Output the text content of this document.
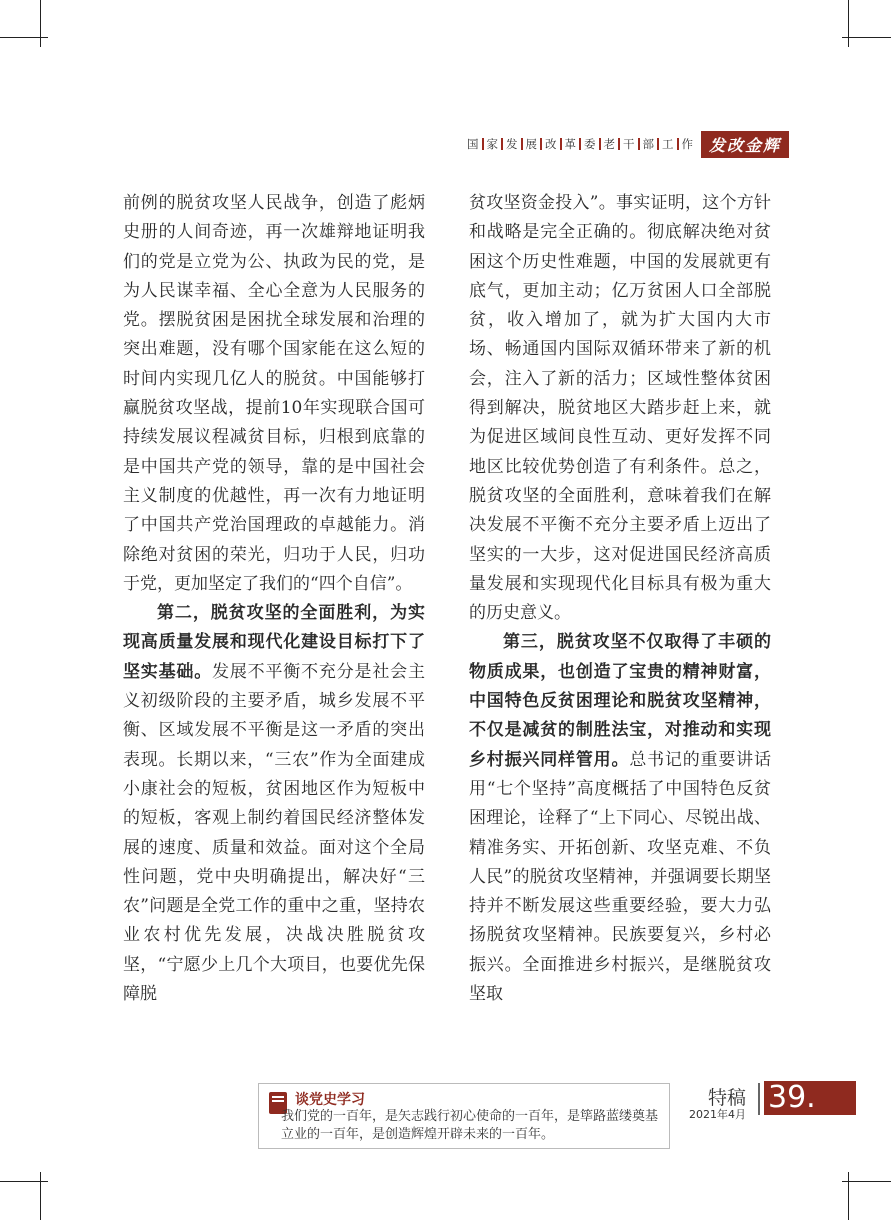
国 家 发 展 改 革 委 老 干 部 工 作	发改金辉

前例的脱贫攻坚人民战争，创造了彪炳史册的人间奇迹，再一次雄辩地证明我们的党是立党为公、执政为民的党，是为人民谋幸福、全心全意为人民服务的党。摆脱贫困是困扰全球发展和治理的突出难题，没有哪个国家能在这么短的时间内实现几亿人的脱贫。中国能够打赢脱贫攻坚战，提前10年实现联合国可持续发展议程减贫目标，归根到底靠的是中国共产党的领导，靠的是中国社会主义制度的优越性，再一次有力地证明了中国共产党治国理政的卓越能力。消除绝对贫困的荣光，归功于人民，归功于党，更加坚定了我们的“四个自信”。

第二，脱贫攻坚的全面胜利，为实现高质量发展和现代化建设目标打下了坚实基础。发展不平衡不充分是社会主义初级阶段的主要矛盾，城乡发展不平衡、区域发展不平衡是这一矛盾的突出表现。长期以来，“三农”作为全面建成小康社会的短板，贫困地区作为短板中的短板，客观上制约着国民经济整体发展的速度、质量和效益。面对这个全局性问题，党中央明确提出，解决好“三农”问题是全党工作的重中之重，坚持农业农村优先发展，决战决胜脱贫攻坚，“宁愿少上几个大项目，也要优先保障脱

贫攻坚资金投入”。事实证明，这个方针和战略是完全正确的。彻底解决绝对贫困这个历史性难题，中国的发展就更有底气，更加主动；亿万贫困人口全部脱贫，收入增加了，就为扩大国内大市场、畅通国内国际双循环带来了新的机会，注入了新的活力；区域性整体贫困得到解决，脱贫地区大踏步赶上来，就为促进区域间良性互动、更好发挥不同地区比较优势创造了有利条件。总之，脱贫攻坚的全面胜利，意味着我们在解决发展不平衡不充分主要矛盾上迈出了坚实的一大步，这对促进国民经济高质量发展和实现现代化目标具有极为重大的历史意义。

第三，脱贫攻坚不仅取得了丰硕的物质成果，也创造了宝贵的精神财富，中国特色反贫困理论和脱贫攻坚精神，不仅是减贫的制胜法宝，对推动和实现乡村振兴同样管用。总书记的重要讲话用“七个坚持”高度概括了中国特色反贫困理论，诠释了“上下同心、尽锐出战、精准务实、开拓创新、攻坚克难、不负人民”的脱贫攻坚精神，并强调要长期坚持并不断发展这些重要经验，要大力弘扬脱贫攻坚精神。民族要复兴，乡村必振兴。全面推进乡村振兴，是继脱贫攻坚取

谈党史学习
我们党的一百年，是矢志践行初心使命的一百年，是筚路蓝缕奠基立业的一百年，是创造辉煌开辟未来的一百年。
特稿
2021年4月 39.
